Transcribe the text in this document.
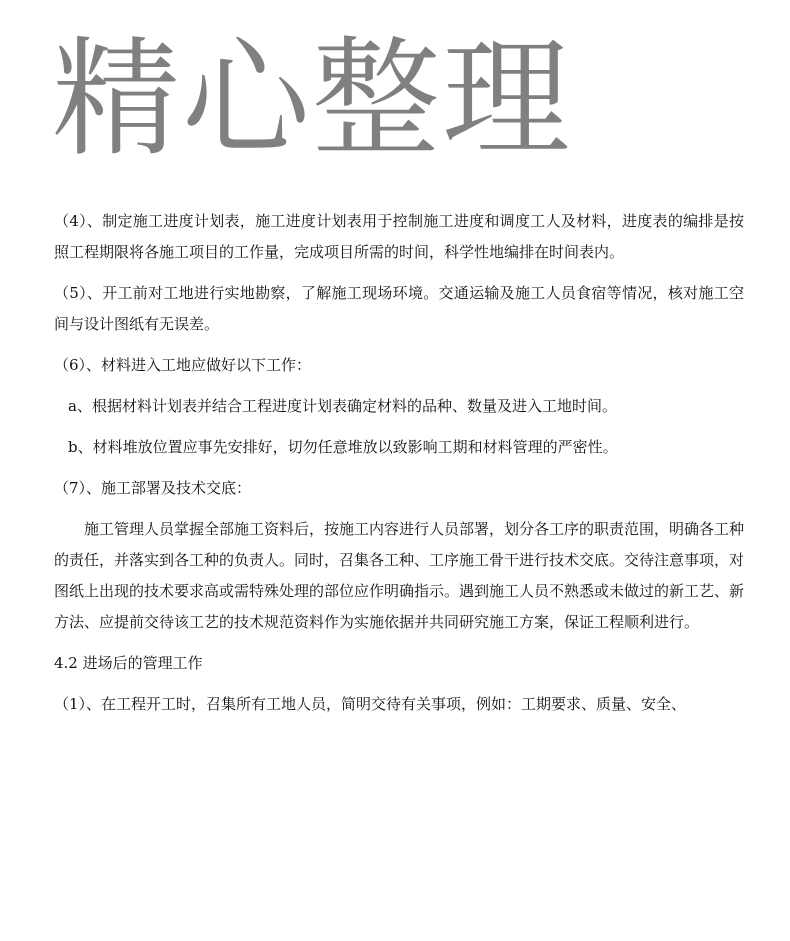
精心整理

（4）、制定施工进度计划表，施工进度计划表用于控制施工进度和调度工人及材料，进度表的编排是按照工程期限将各施工项目的工作量，完成项目所需的时间，科学性地编排在时间表内。

（5）、开工前对工地进行实地勘察，了解施工现场环境。交通运输及施工人员食宿等情况，核对施工空间与设计图纸有无误差。

（6）、材料进入工地应做好以下工作：

a、根据材料计划表并结合工程进度计划表确定材料的品种、数量及进入工地时间。

b、材料堆放位置应事先安排好，切勿任意堆放以致影响工期和材料管理的严密性。

（7）、施工部署及技术交底：

施工管理人员掌握全部施工资料后，按施工内容进行人员部署，划分各工序的职责范围，明确各工种的责任，并落实到各工种的负责人。同时，召集各工种、工序施工骨干进行技术交底。交待注意事项，对图纸上出现的技术要求高或需特殊处理的部位应作明确指示。遇到施工人员不熟悉或未做过的新工艺、新方法、应提前交待该工艺的技术规范资料作为实施依据并共同研究施工方案，保证工程顺利进行。

4.2 进场后的管理工作

（1）、在工程开工时，召集所有工地人员，简明交待有关事项，例如：工期要求、质量、安全、
